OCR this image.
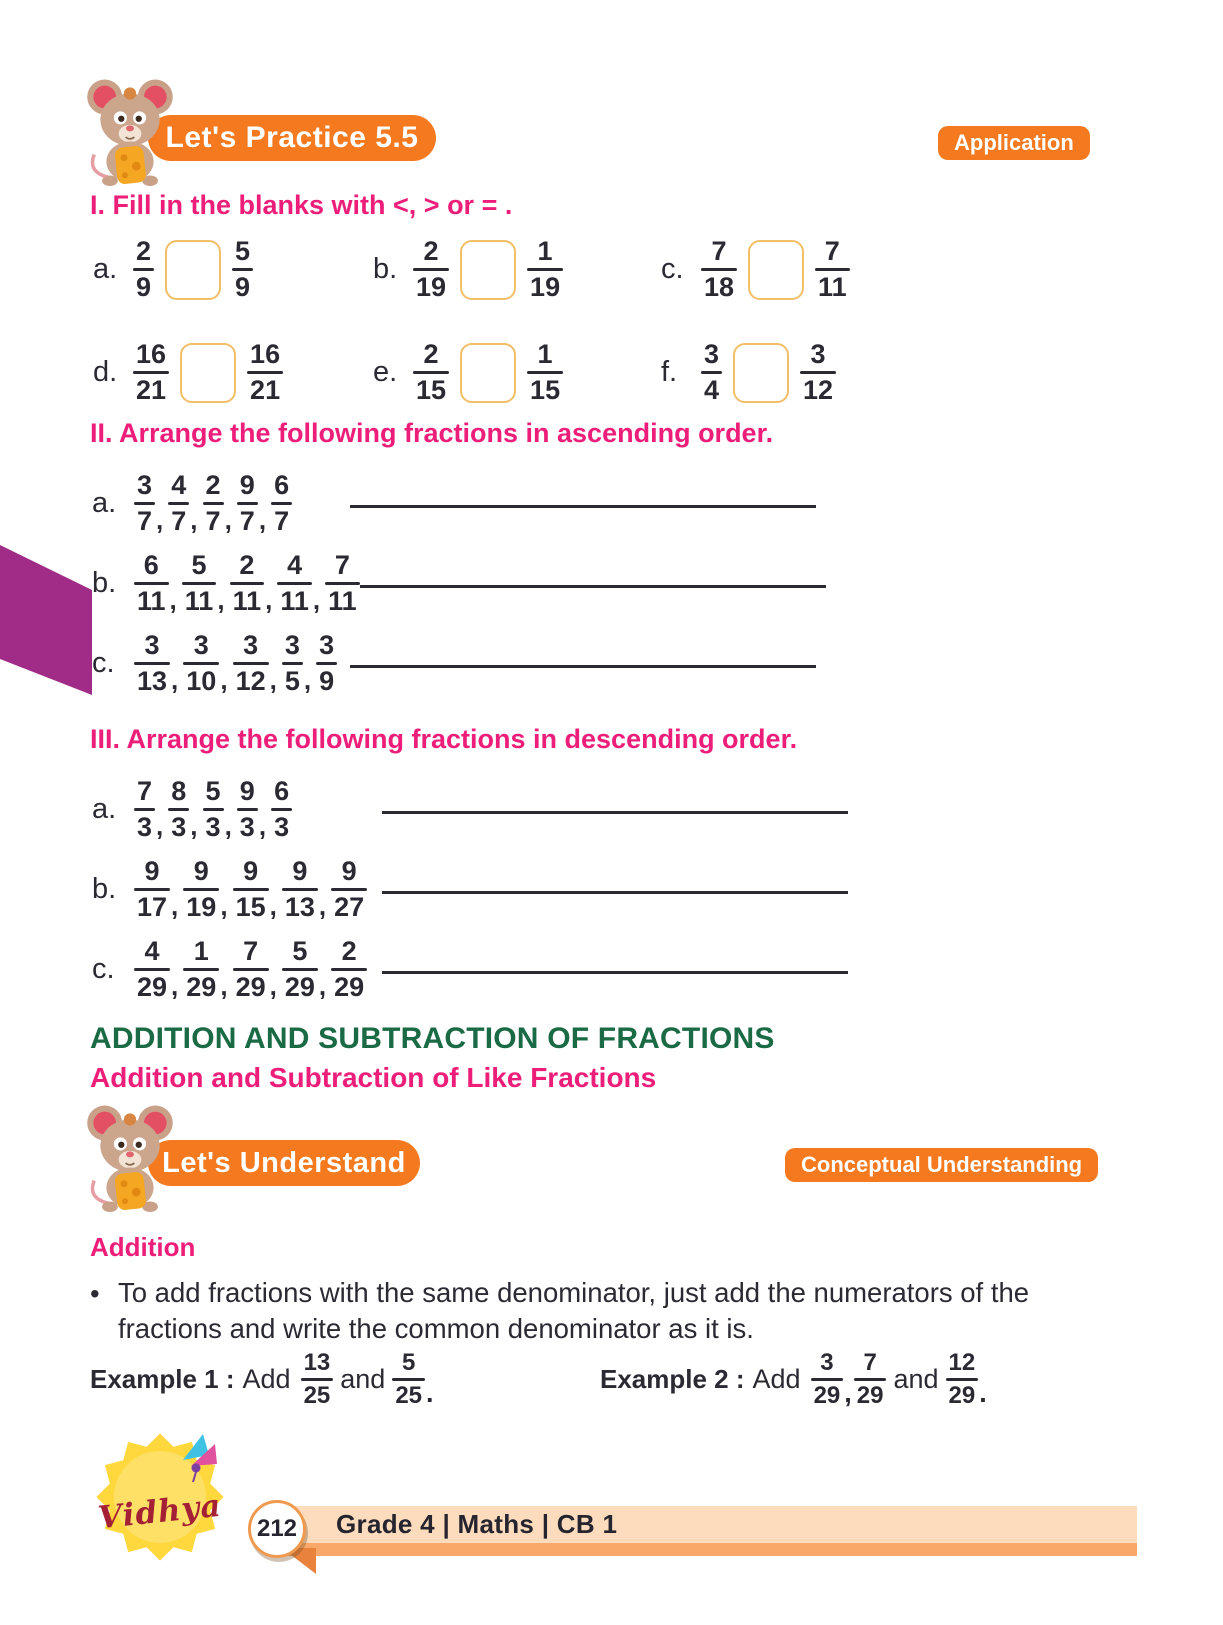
Let's Practice 5.5	Application
I. Fill in the blanks with <, > or = .
a. $\frac{2}{9}$	$\frac{5}{9}$	b. $\frac{2}{19}$	$\frac{1}{19}$	c. $\frac{7}{18}$	$\frac{7}{11}$
d. $\frac{16}{21}$	$\frac{16}{21}$	e. $\frac{2}{15}$	$\frac{1}{15}$	f. $\frac{3}{4}$	$\frac{3}{12}$
II. Arrange the following fractions in ascending order.
a. $\frac{3}{7}$ , $\frac{4}{7}$ , $\frac{2}{7}$ , $\frac{9}{7}$ , $\frac{6}{7}$
b. $\frac{6}{11}$ , $\frac{5}{11}$ , $\frac{2}{11}$ , $\frac{4}{11}$ , $\frac{7}{11}$
c. $\frac{3}{13}$ , $\frac{3}{10}$ , $\frac{3}{12}$ , $\frac{3}{5}$ , $\frac{3}{9}$
III. Arrange the following fractions in descending order.
a. $\frac{7}{3}$ , $\frac{8}{3}$ , $\frac{5}{3}$ , $\frac{9}{3}$ , $\frac{6}{3}$
b. $\frac{9}{17}$ , $\frac{9}{19}$ , $\frac{9}{15}$ , $\frac{9}{13}$ , $\frac{9}{27}$
c. $\frac{4}{29}$ , $\frac{1}{29}$ , $\frac{7}{29}$ , $\frac{5}{29}$ , $\frac{2}{29}$
ADDITION AND SUBTRACTION OF FRACTIONS
Addition and Subtraction of Like Fractions
Let's Understand	Conceptual Understanding
Addition

• To add fractions with the same denominator, just add the numerators of the fractions and write the common denominator as it is.

Example 1 : Add $\frac{13}{25}$ and $\frac{5}{25}$ .	Example 2 : Add $\frac{3}{29}$ , $\frac{7}{29}$ and $\frac{12}{29}$ .
Vidhya	Grade 4 | Maths | CB 1
212
